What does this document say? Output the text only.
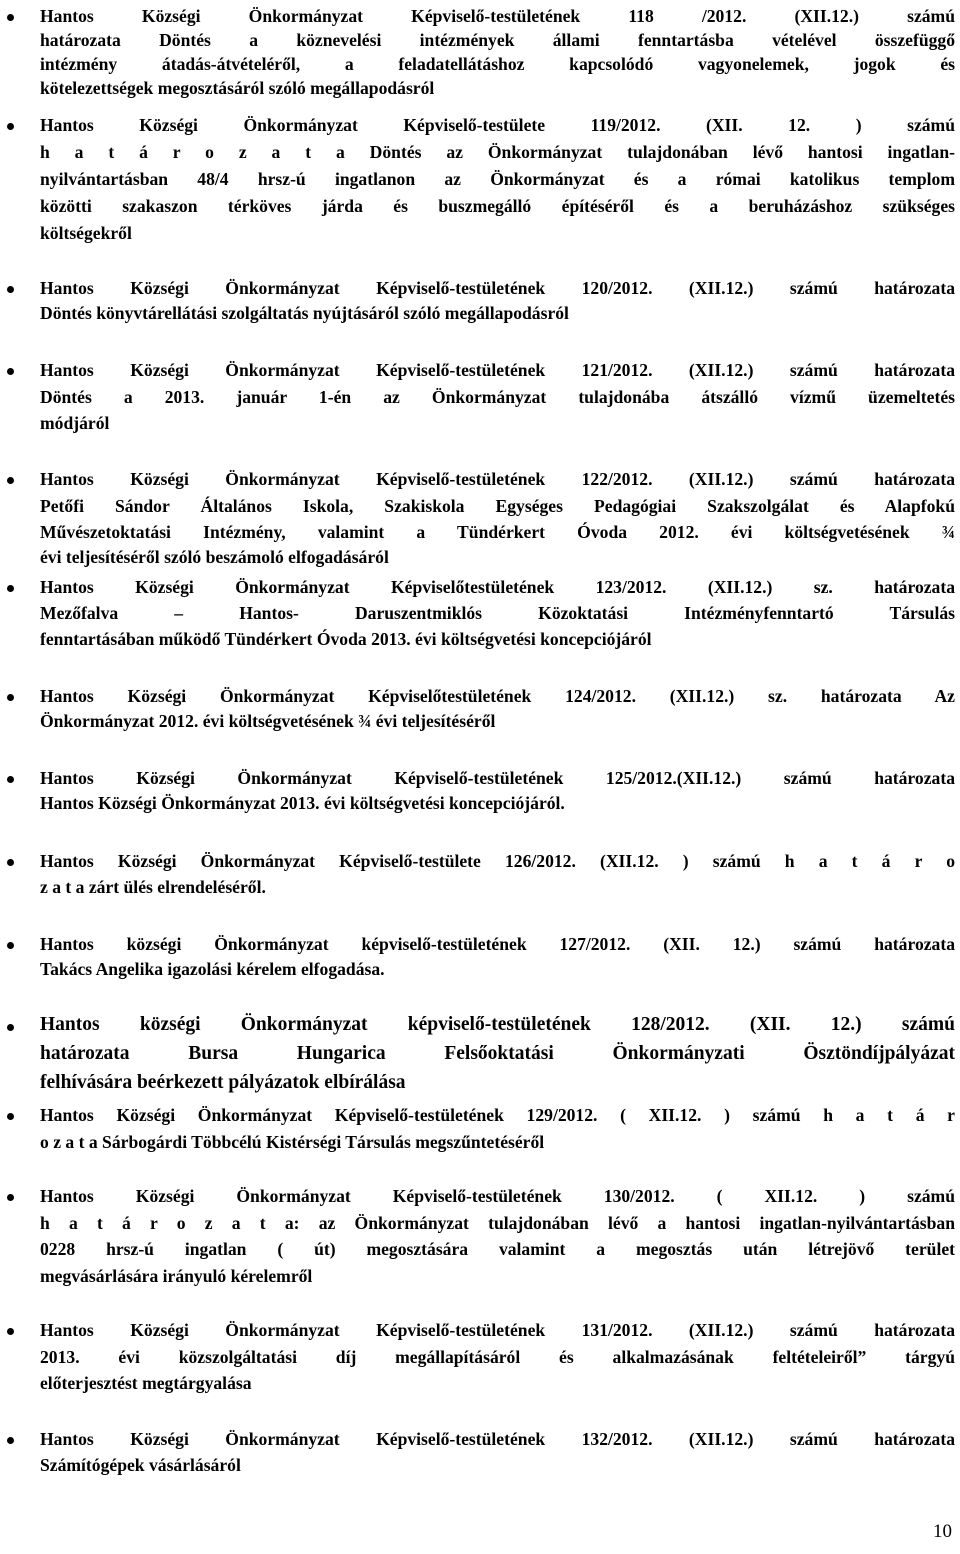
Hantos Községi Önkormányzat Képviselő-testületének 118 /2012. (XII.12.) számú
határozata Döntés a köznevelési intézmények állami fenntartásba vételével összefüggő
intézmény átadás-átvételéről, a feladatellátáshoz kapcsolódó vagyonelemek, jogok és
kötelezettségek megosztásáról szóló megállapodásról
Hantos Községi Önkormányzat Képviselő-testülete 119/2012. (XII. 12. ) számú
h a t á r o z a t a Döntés az Önkormányzat tulajdonában lévő hantosi ingatlan-
nyilvántartásban 48/4 hrsz-ú ingatlanon az Önkormányzat és a római katolikus templom
közötti szakaszon térköves járda és buszmegálló építéséről és a beruházáshoz szükséges
költségekről
Hantos Községi Önkormányzat Képviselő-testületének 120/2012. (XII.12.) számú határozata
Döntés könyvtárellátási szolgáltatás nyújtásáról szóló megállapodásról
Hantos Községi Önkormányzat Képviselő-testületének 121/2012. (XII.12.) számú határozata
Döntés a 2013. január 1-én az Önkormányzat tulajdonába átszálló vízmű üzemeltetés
módjáról
Hantos Községi Önkormányzat Képviselő-testületének 122/2012. (XII.12.) számú határozata
Petőfi Sándor Általános Iskola, Szakiskola Egységes Pedagógiai Szakszolgálat és Alapfokú
Művészetoktatási Intézmény, valamint a Tündérkert Óvoda 2012. évi költségvetésének ¾
évi teljesítéséről szóló beszámoló elfogadásáról
Hantos Községi Önkormányzat Képviselőtestületének 123/2012. (XII.12.) sz. határozata
Mezőfalva – Hantos- Daruszentmiklós Közoktatási Intézményfenntartó Társulás
fenntartásában működő Tündérkert Óvoda 2013. évi költségvetési koncepciójáról
Hantos Községi Önkormányzat Képviselőtestületének 124/2012. (XII.12.) sz. határozata Az
Önkormányzat 2012. évi költségvetésének ¾ évi teljesítéséről
Hantos Községi Önkormányzat Képviselő-testületének 125/2012.(XII.12.) számú határozata
Hantos Községi Önkormányzat 2013. évi költségvetési koncepciójáról.
Hantos Községi Önkormányzat Képviselő-testülete 126/2012. (XII.12. ) számú h a t á r o
z a t a zárt ülés elrendeléséről.
Hantos községi Önkormányzat képviselő-testületének 127/2012. (XII. 12.) számú határozata
Takács Angelika igazolási kérelem elfogadása.
Hantos községi Önkormányzat képviselő-testületének 128/2012. (XII. 12.) számú
határozata Bursa Hungarica Felsőoktatási Önkormányzati Ösztöndíjpályázat
felhívására beérkezett pályázatok elbírálása
Hantos Községi Önkormányzat Képviselő-testületének 129/2012. ( XII.12. ) számú h a t á r
o z a t a Sárbogárdi Többcélú Kistérségi Társulás megszűntetéséről
Hantos Községi Önkormányzat Képviselő-testületének 130/2012. ( XII.12. ) számú
h a t á r o z a t a: az Önkormányzat tulajdonában lévő a hantosi ingatlan-nyilvántartásban
0228 hrsz-ú ingatlan ( út) megosztására valamint a megosztás után létrejövő terület
megvásárlására irányuló kérelemről
Hantos Községi Önkormányzat Képviselő-testületének 131/2012. (XII.12.) számú határozata
2013. évi közszolgáltatási díj megállapításáról és alkalmazásának feltételeiről” tárgyú
előterjesztést megtárgyalása
Hantos Községi Önkormányzat Képviselő-testületének 132/2012. (XII.12.) számú határozata
Számítógépek vásárlásáról
10
